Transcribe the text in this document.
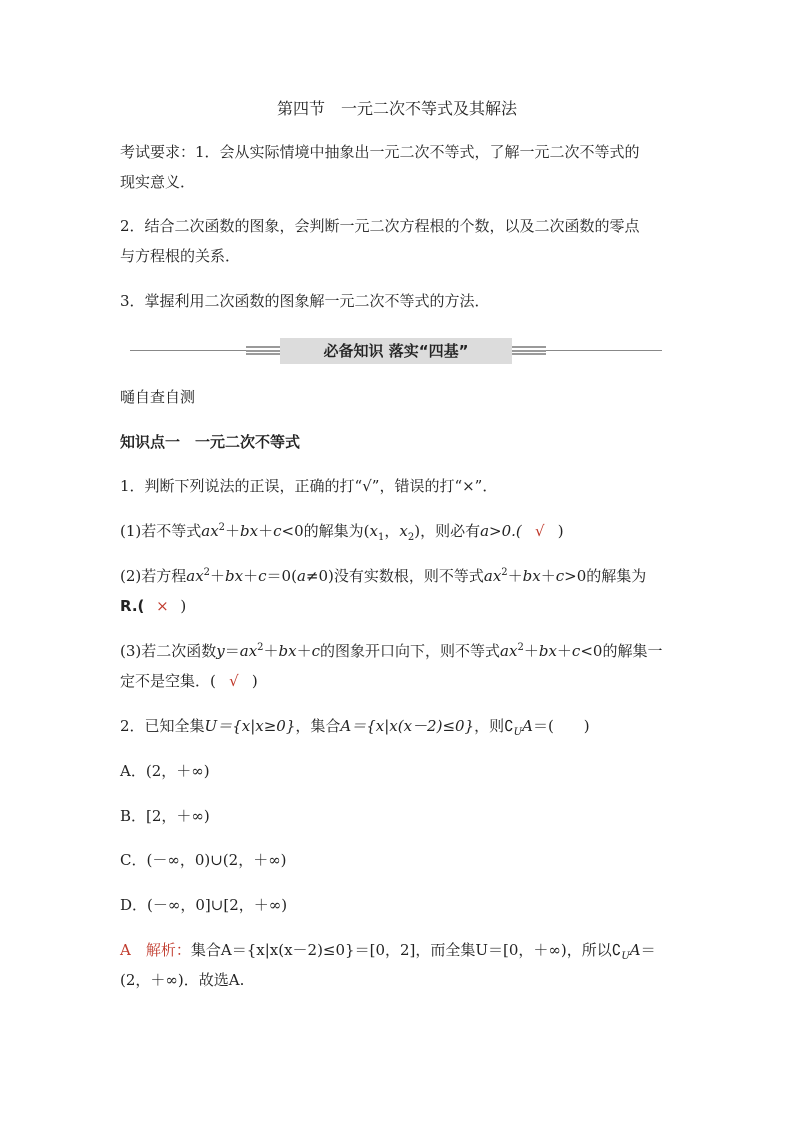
第四节 一元二次不等式及其解法
考试要求：1．会从实际情境中抽象出一元二次不等式，了解一元二次不等式的
现实意义．
2．结合二次函数的图象，会判断一元二次方程根的个数，以及二次函数的零点
与方程根的关系．
3．掌握利用二次函数的图象解一元二次不等式的方法．
必备知识 落实“四基”
嗵自查自测
知识点一　一元二次不等式
1．判断下列说法的正误，正确的打“√”，错误的打“×”．
(1)若不等式$ax^2+bx+c<0$的解集为($x_1$，$x_2$)，则必有a>0.( √ )
(2)若方程$ax^2+bx+c=0(a\ne 0)$没有实数根，则不等式$ax^2+bx+c>0$的解集为
R.( × )
(3)若二次函数$y=ax^2+bx+c$的图象开口向下，则不等式$ax^2+bx+c<0$的解集一
定不是空集．( √ )
2．已知全集U＝{x|x≥0}，集合A＝{x|x(x－2)≤0}，则$∁_UA=$(　　)
A．(2，＋∞)
B．[2，＋∞)
C．(－∞，0)∪(2，＋∞)
D．(－∞，0]∪[2，＋∞)
A　 解析：集合A＝{x|x(x－2)≤0}＝[0，2]，而全集U＝[0，＋∞)，所以$∁_UA=$
(2，＋∞)．故选A.
